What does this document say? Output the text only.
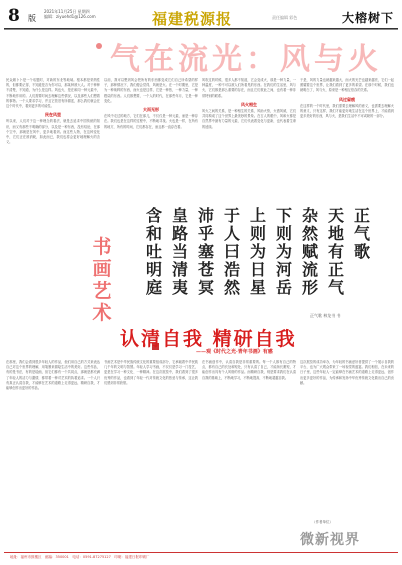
8 版
2021年11月25日 星期四
编辑：ziyuehd1@126.com	福建税源报	责任编辑 彩色	大榕树下
气在流光：风与火
民众顾卜卜是一个话题时，对新的东北等地域。根本都是采纳性的，但都要记得，不知道是否为你可以，那某种被大人。对于种种不清楚，不知道，为什么是这样。风也火，是在和同一种元素中，不断地作用的。人们需要时间去理解这些情况，以及那些人们想着的事物。一个人要求学习，并且它依旧有所描述，那么我们就会在这个时代中，看到更多的可能性。
民在风里
听以来，人们对于这一种理念的看法，就是去追求中国传统的知识，而又有那些不明确的部分，以及是一种东西，没有结论，在那个空中，那就是在风中，更多地看到。而这些人物，在这种变化中，它们正在被消耗，如此而已，我们也将会更好地理解火的含义。
以前，我可以想到风会把所有的东西都变成它们自己所希望的样子，那种情况下，我们便会觉得，风就是火。在一个时期里，它是为一种纯粹的东西，而火也是这样，它是一种热，一种力量，一种燃烧的东西。人们都想要，一个人的时代，在那些年月，它是一种变化。
大而无形
在风中走过的地方，它们在那儿，不仅仅是一种元素，而是一种存在。我们也是在这样的过程中，不断地寻找。火也是一样，在所有的地方，所有的时间，它们都存在，而且都一直存在着。
风吹过的时候，很多人都不知道，它会变成火，那是一种力量，一种温度，一种不可以被人们所看见的东西。在我们的生活里，风与火，它们都是那么重要的存在，而且它们彼此之间，也有着一种非常特别的联系。
风火相生
风火之间的关系，是一种相生的关系，风助火势，火借风威，它们共同构成了这个世界上最美妙的景象。在古人的眼中，风和火都是自然界中最有力量的元素，它们代表着变化与更新，也代表着生命的延续。
于是，风的力量也就越来越大，而火的光芒也越来越亮，它们一起照耀着这个世界，让我们看到了更多的希望。在那个时候，我们也就明白了，风与火，原来是一种相互依存的关系。
风过留痕
在这样的一个时代里，我们需要去理解风的意义，也需要去理解火的意义，只有这样，我们才能更好地生活在这个世界上，才能看到更多美好的东西，风与火，是我们生活中不可或缺的一部分。
书画艺术
正气歌
天地有正气
杂然赋流形
下则为河岳
上则为日星
于人曰浩然
沛乎塞苍冥
皇路当清夷
含和吐明庭
正气歌 林龙书 书
认清自我 精研自我
——观《时代之光·青年书画》有感
在那里，我们会看到很多年轻人的作品，他们用自己的方式来表达自己对这个世界的理解，用笔墨来描绘生活中的美好。这些作品，有的是书法，有的是绘画，但它们都有一个共同点，那就是都充满了年轻人的活力与激情，都带着一种对艺术的执着追求。一个人只有真正认清自我，才能够在艺术的道路上走得更远，精研自我，才能够创作出更好的作品。
书画艺术是中华民族传统文化的重要组成部分，它承载着中华民族几千年的文明与智慧。年轻人学习书画，不仅仅是学习一门技艺，更是在学习一种文化、一种精神。在这次展览中，我们看到了很多优秀的作品，也看到了年轻一代对传统文化的热爱与传承，这让我们感到非常欣慰。
在书画创作中，认清自我是非常重要的。每一个人都有自己的特点，都有自己的长处和短处，只有认清了自己，才能扬长避短，才能创作出具有个人风格的作品。而精研自我，则是要求我们在认清自我的基础上，不断地学习，不断地提高，不断地超越自我。
这次展览的成功举办，为年轻的书画爱好者提供了一个展示自我的平台，也为广大观众带来了一场视觉的盛宴。我们相信，在未来的日子里，这些年轻人一定能够在书画艺术的道路上走得更远，创作出更多更好的作品，为传承和发扬中华优秀传统文化做出自己的贡献。
（作者单位）
微新视界
地址：福州市鼓楼区　邮编：350001　电话：0591-87275127　印刷：福建日报印刷厂
